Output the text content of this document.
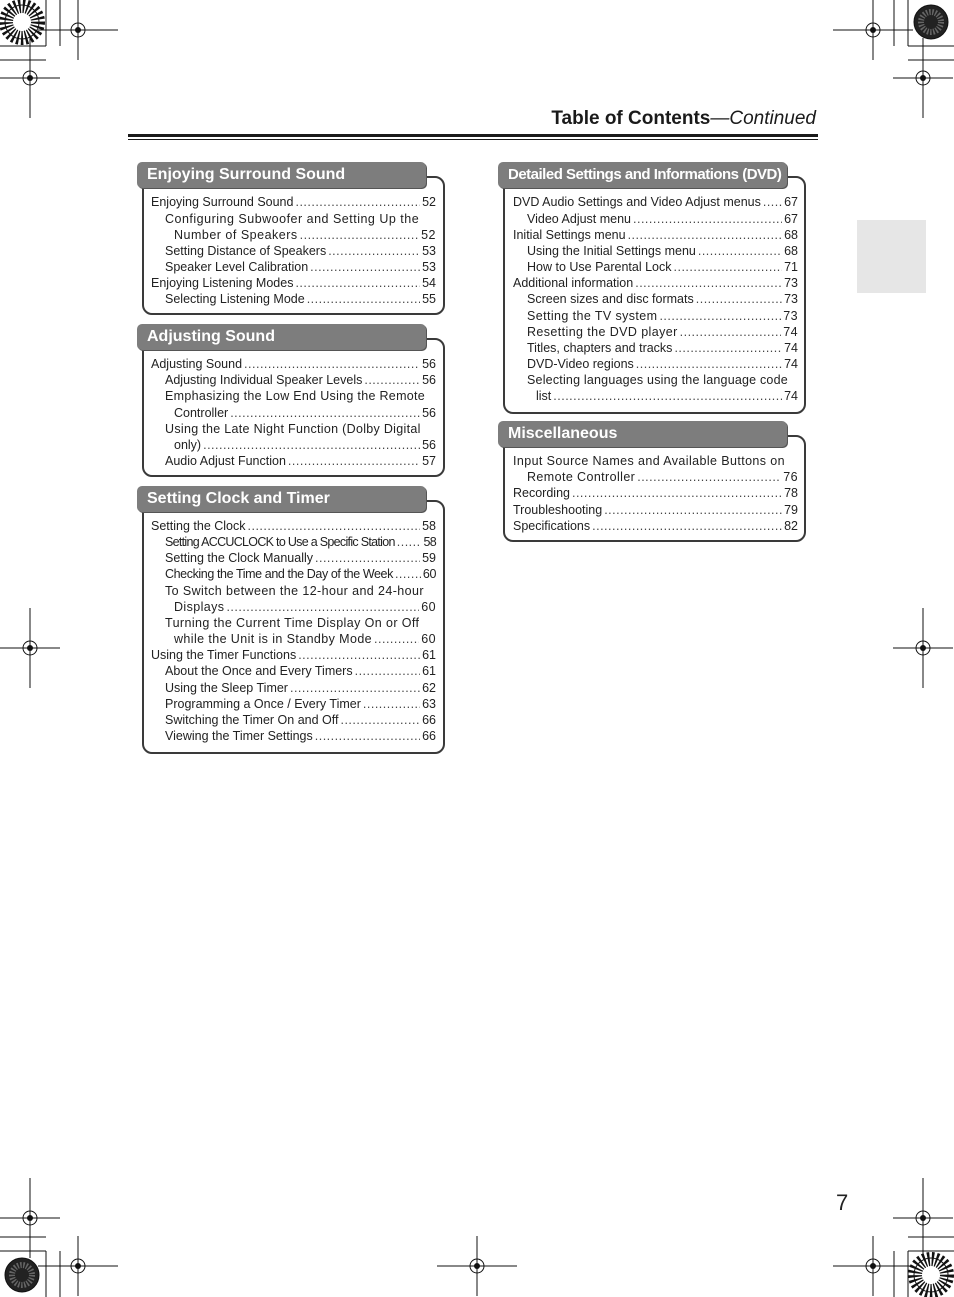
Table of Contents—Continued
Enjoying Surround Sound
Enjoying Surround Sound .....	52
Configuring Subwoofer and Setting Up the
Number of Speakers .....	52
Setting Distance of Speakers .....	53
Speaker Level Calibration .....	53
Enjoying Listening Modes .....	54
Selecting Listening Mode .....	55
Adjusting Sound
Adjusting Sound .....	56
Adjusting Individual Speaker Levels .....	56
Emphasizing the Low End Using the Remote
Controller .....	56
Using the Late Night Function (Dolby Digital
only) .....	56
Audio Adjust Function .....	57
Setting Clock and Timer
Setting the Clock .....	58
Setting ACCUCLOCK to Use a Specific Station ..... 58
Setting the Clock Manually .....	59
Checking the Time and the Day of the Week ..... 60
To Switch between the 12-hour and 24-hour
Displays .....	60
Turning the Current Time Display On or Off
while the Unit is in Standby Mode .....	60
Using the Timer Functions .....	61
About the Once and Every Timers .....	61
Using the Sleep Timer .....	62
Programming a Once / Every Timer .....	63
Switching the Timer On and Off .....	66
Viewing the Timer Settings .....	66
Detailed Settings and Informations (DVD)
DVD Audio Settings and Video Adjust menus ..... 67
Video Adjust menu .....	67
Initial Settings menu .....	68
Using the Initial Settings menu .....	68
How to Use Parental Lock .....	71
Additional information .....	73
Screen sizes and disc formats .....	73
Setting the TV system .....	73
Resetting the DVD player .....	74
Titles, chapters and tracks .....	74
DVD-Video regions .....	74
Selecting languages using the language code
list .....	74
Miscellaneous
Input Source Names and Available Buttons on
Remote Controller .....	76
Recording .....	78
Troubleshooting .....	79
Specifications .....	82
7
